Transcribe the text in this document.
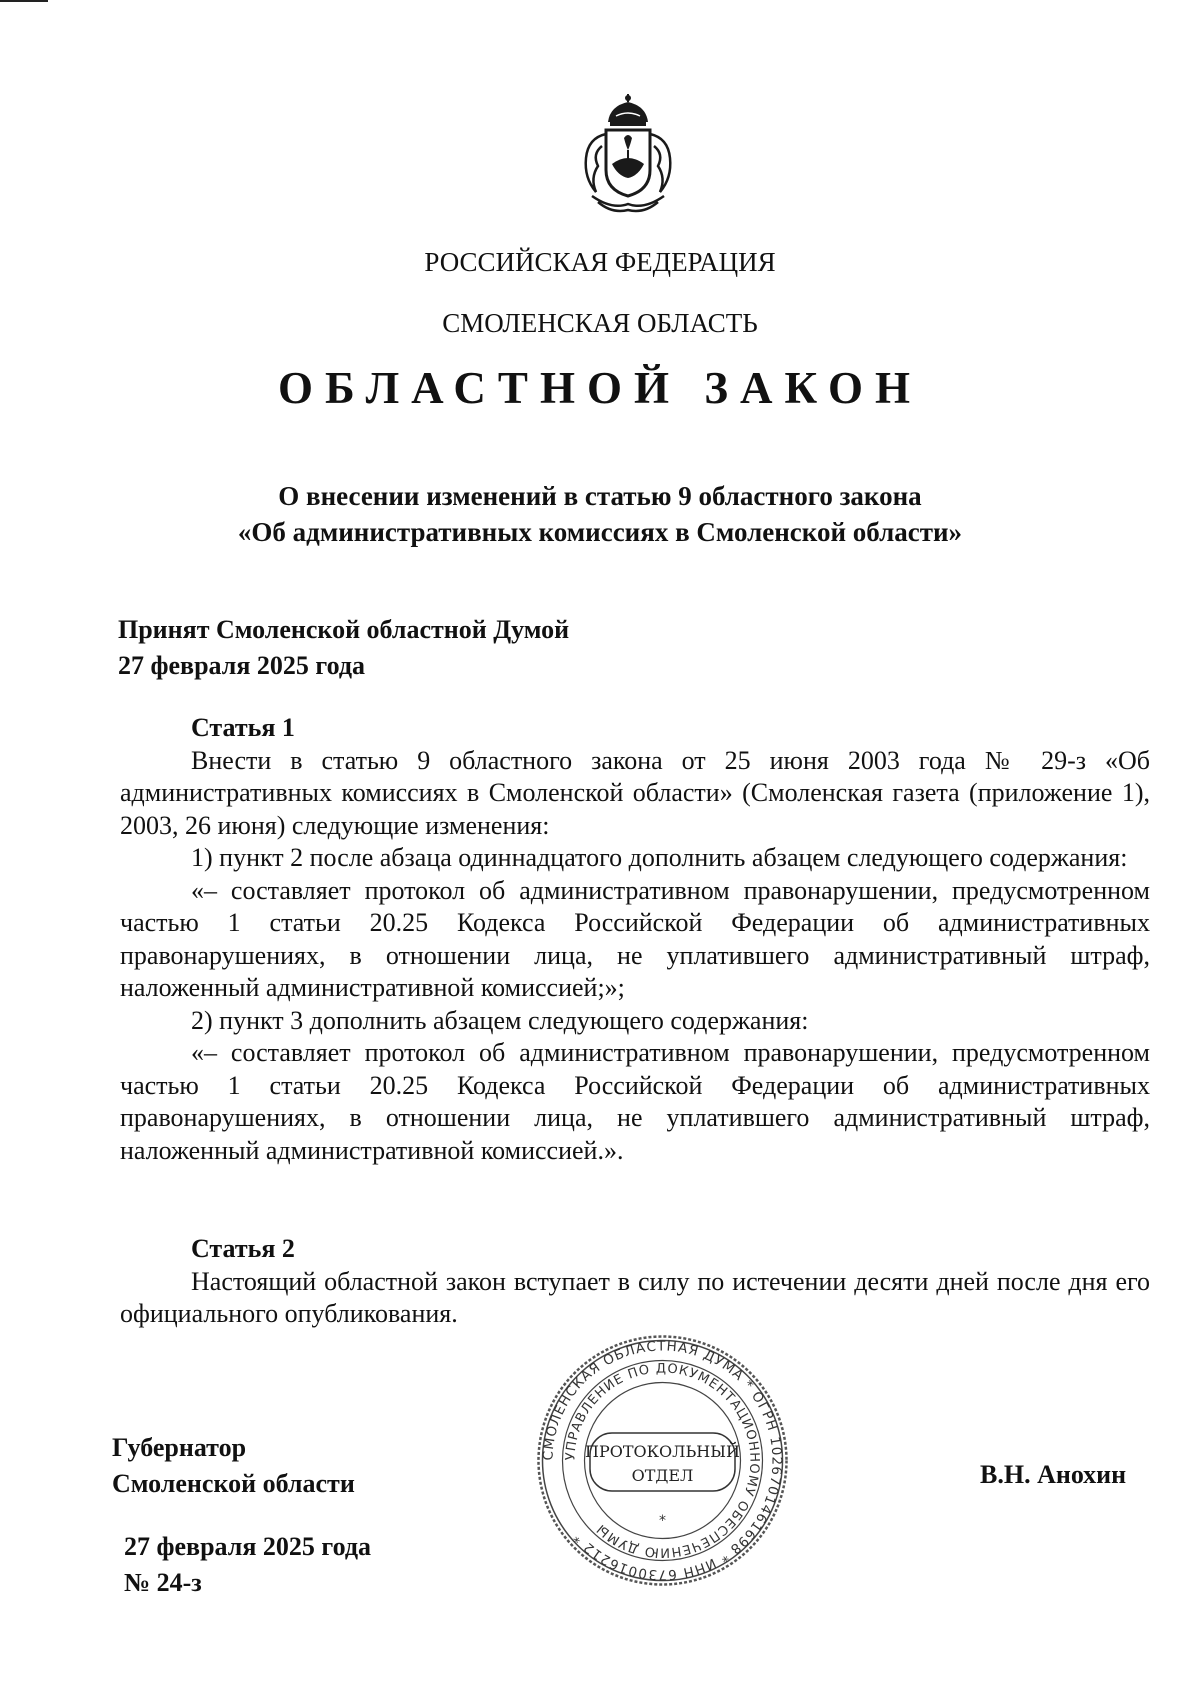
РОССИЙСКАЯ ФЕДЕРАЦИЯ
СМОЛЕНСКАЯ ОБЛАСТЬ
ОБЛАСТНОЙ ЗАКОН
О внесении изменений в статью 9 областного закона
«Об административных комиссиях в Смоленской области»
Принят Смоленской областной Думой
27 февраля 2025 года

Статья 1

Внести в статью 9 областного закона от 25 июня 2003 года № 29-з «Об административных комиссиях в Смоленской области» (Смоленская газета (приложение 1), 2003, 26 июня) следующие изменения:

1) пункт 2 после абзаца одиннадцатого дополнить абзацем следующего содержания:

«– составляет протокол об административном правонарушении, предусмотренном частью 1 статьи 20.25 Кодекса Российской Федерации об административных правонарушениях, в отношении лица, не уплатившего административный штраф, наложенный административной комиссией;»;

2) пункт 3 дополнить абзацем следующего содержания:

«– составляет протокол об административном правонарушении, предусмотренном частью 1 статьи 20.25 Кодекса Российской Федерации об административных правонарушениях, в отношении лица, не уплатившего административный штраф, наложенный административной комиссией.».

Статья 2

Настоящий областной закон вступает в силу по истечении десяти дней после дня его официального опубликования.

СМОЛЕНСКАЯ ОБЛАСТНАЯ ДУМА * ОГРН 1026701461698 * ИНН 6730016212 *
УПРАВЛЕНИЕ ПО ДОКУМЕНТАЦИОННОМУ ОБЕСПЕЧЕНИЮ ДУМЫ
ПРОТОКОЛЬНЫЙ
ОТДЕЛ
*
Губернатор
Смоленской области	В.Н. Анохин
27 февраля 2025 года
№ 24-з
